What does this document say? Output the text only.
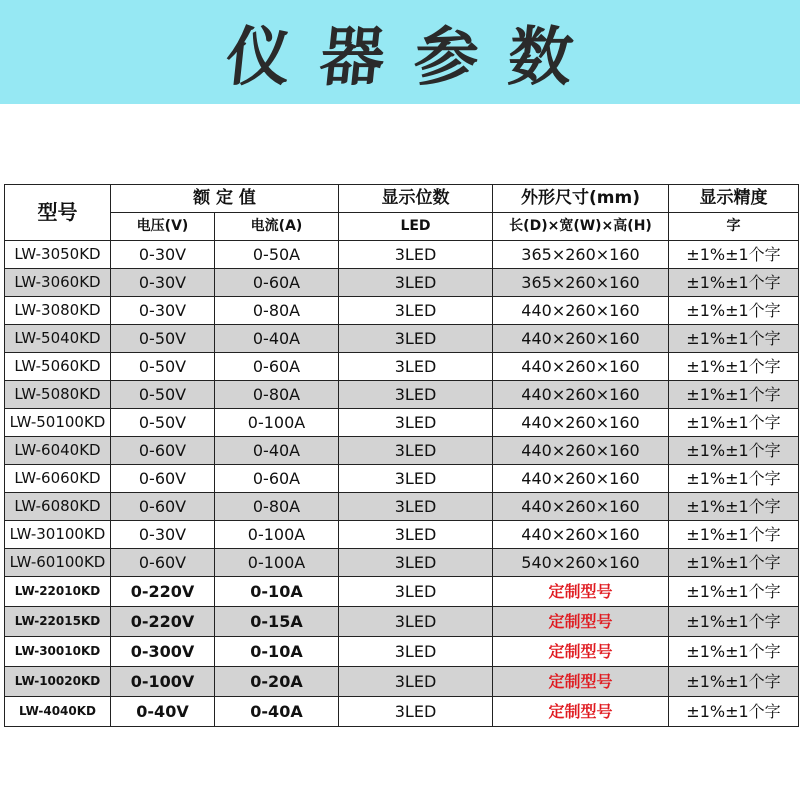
仪器参数
型号	额 定 值		显示位数	外形尺寸(mm)	显示精度
	电压(V)	电流(A)	LED	长(D)×宽(W)×高(H)	字
LW-3050KD	0-30V	0-50A	3LED	365×260×160	±1%±1个字
LW-3060KD	0-30V	0-60A	3LED	365×260×160	±1%±1个字
LW-3080KD	0-30V	0-80A	3LED	440×260×160	±1%±1个字
LW-5040KD	0-50V	0-40A	3LED	440×260×160	±1%±1个字
LW-5060KD	0-50V	0-60A	3LED	440×260×160	±1%±1个字
LW-5080KD	0-50V	0-80A	3LED	440×260×160	±1%±1个字
LW-50100KD	0-50V	0-100A	3LED	440×260×160	±1%±1个字
LW-6040KD	0-60V	0-40A	3LED	440×260×160	±1%±1个字
LW-6060KD	0-60V	0-60A	3LED	440×260×160	±1%±1个字
LW-6080KD	0-60V	0-80A	3LED	440×260×160	±1%±1个字
LW-30100KD	0-30V	0-100A	3LED	440×260×160	±1%±1个字
LW-60100KD	0-60V	0-100A	3LED	540×260×160	±1%±1个字
LW-22010KD	0-220V	0-10A	3LED	定制型号	±1%±1个字
LW-22015KD	0-220V	0-15A	3LED	定制型号	±1%±1个字
LW-30010KD	0-300V	0-10A	3LED	定制型号	±1%±1个字
LW-10020KD	0-100V	0-20A	3LED	定制型号	±1%±1个字
LW-4040KD	0-40V	0-40A	3LED	定制型号	±1%±1个字
